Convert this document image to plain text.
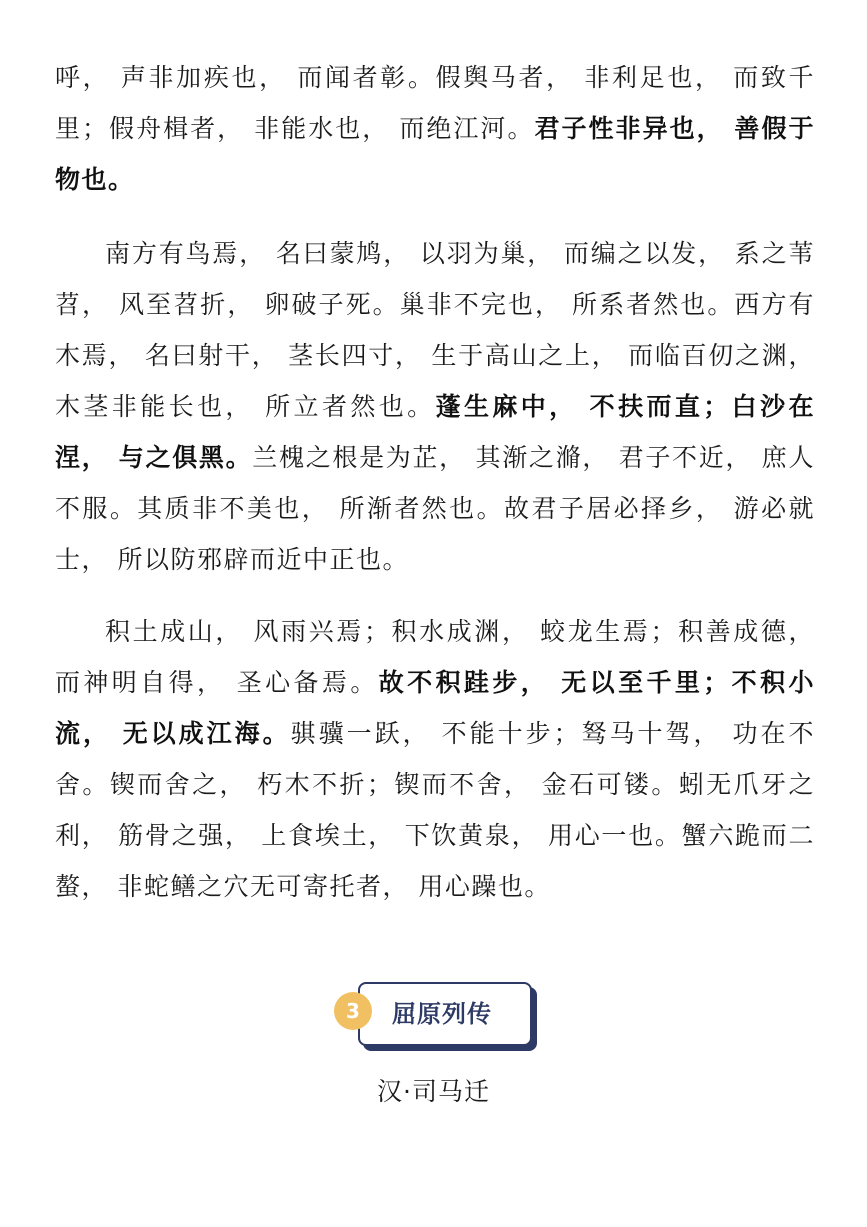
呼， 声非加疾也， 而闻者彰。假舆马者， 非利足也， 而致千里；假舟楫者， 非能水也， 而绝江河。君子性非异也， 善假于物也。

南方有鸟焉， 名曰蒙鸠， 以羽为巢， 而编之以发， 系之苇苕， 风至苕折， 卵破子死。巢非不完也， 所系者然也。西方有木焉， 名曰射干， 茎长四寸， 生于高山之上， 而临百仞之渊， 木茎非能长也， 所立者然也。蓬生麻中， 不扶而直；白沙在涅， 与之俱黑。兰槐之根是为芷， 其渐之滫， 君子不近， 庶人不服。其质非不美也， 所渐者然也。故君子居必择乡， 游必就士， 所以防邪辟而近中正也。

积土成山， 风雨兴焉；积水成渊， 蛟龙生焉；积善成德， 而神明自得， 圣心备焉。故不积跬步， 无以至千里；不积小流， 无以成江海。骐骥一跃， 不能十步；驽马十驾， 功在不舍。锲而舍之， 朽木不折；锲而不舍， 金石可镂。蚓无爪牙之利， 筋骨之强， 上食埃土， 下饮黄泉， 用心一也。蟹六跪而二螯， 非蛇鳝之穴无可寄托者， 用心躁也。

屈原列传
3
汉·司马迁
